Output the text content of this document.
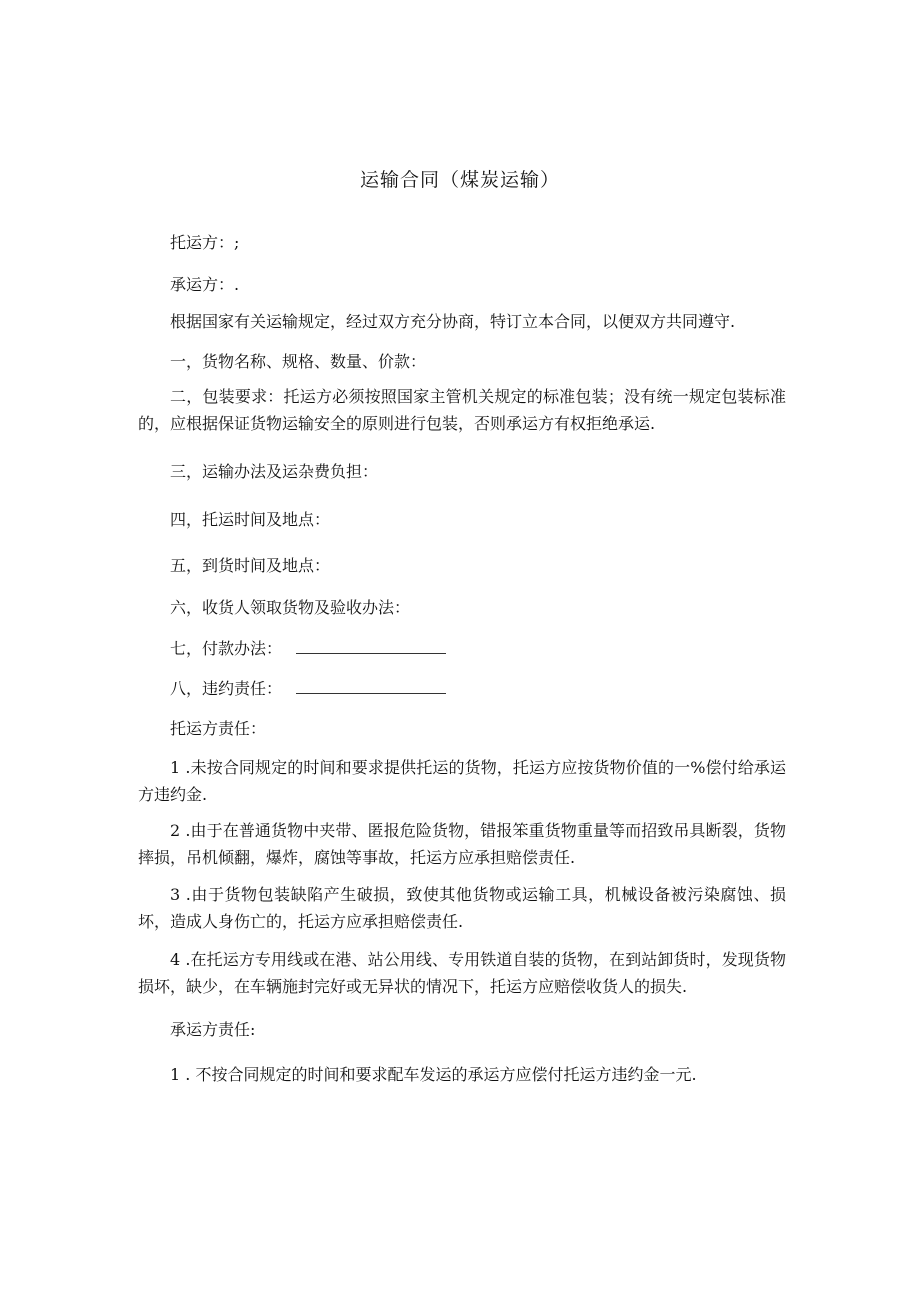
运输合同（煤炭运输）
托运方：;
承运方：.
根据国家有关运输规定，经过双方充分协商，特订立本合同，以便双方共同遵守.
一，货物名称、规格、数量、价款：
二，包装要求：托运方必须按照国家主管机关规定的标准包装；没有统一规定包装标准的，应根据保证货物运输安全的原则进行包装，否则承运方有权拒绝承运.
三，运输办法及运杂费负担：
四，托运时间及地点：
五，到货时间及地点：
六，收货人领取货物及验收办法：
七，付款办法：
八，违约责任：
托运方责任：
1 .未按合同规定的时间和要求提供托运的货物，托运方应按货物价值的一%偿付给承运方违约金.
2 .由于在普通货物中夹带、匿报危险货物，错报笨重货物重量等而招致吊具断裂，货物摔损，吊机倾翻，爆炸，腐蚀等事故，托运方应承担赔偿责任.
3 .由于货物包装缺陷产生破损，致使其他货物或运输工具，机械设备被污染腐蚀、损坏，造成人身伤亡的，托运方应承担赔偿责任.
4 .在托运方专用线或在港、站公用线、专用铁道自装的货物，在到站卸货时，发现货物损坏，缺少，在车辆施封完好或无异状的情况下，托运方应赔偿收货人的损失.
承运方责任:
1 . 不按合同规定的时间和要求配车发运的承运方应偿付托运方违约金一元.
